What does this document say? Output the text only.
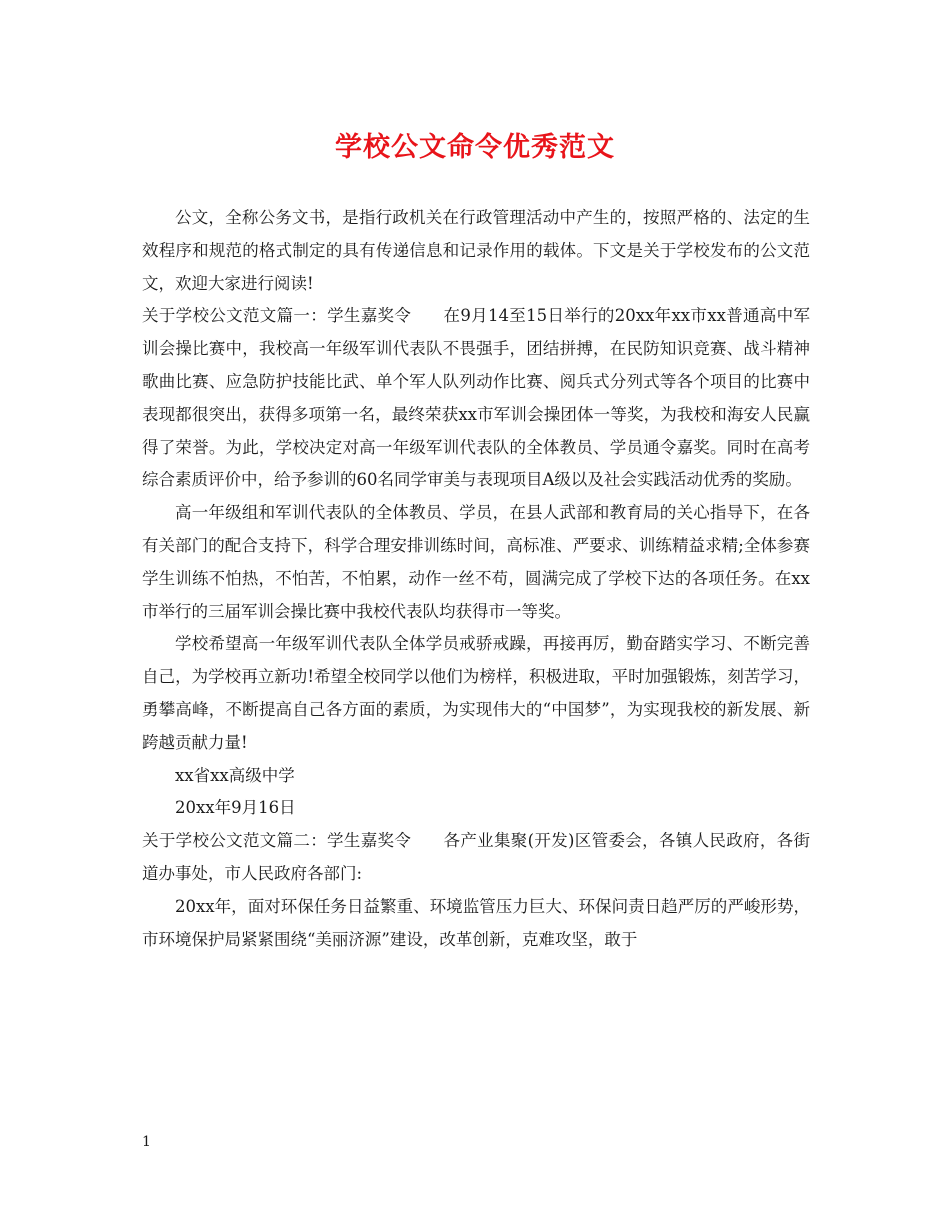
学校公文命令优秀范文

公文，全称公务文书，是指行政机关在行政管理活动中产生的，按照严格的、法定的生效程序和规范的格式制定的具有传递信息和记录作用的载体。下文是关于学校发布的公文范文，欢迎大家进行阅读!

关于学校公文范文篇一：学生嘉奖令 在9月14至15日举行的20xx年xx市xx普通高中军训会操比赛中，我校高一年级军训代表队不畏强手，团结拼搏，在民防知识竞赛、战斗精神歌曲比赛、应急防护技能比武、单个军人队列动作比赛、阅兵式分列式等各个项目的比赛中表现都很突出，获得多项第一名，最终荣获xx市军训会操团体一等奖，为我校和海安人民赢得了荣誉。为此，学校决定对高一年级军训代表队的全体教员、学员通令嘉奖。同时在高考综合素质评价中，给予参训的60名同学审美与表现项目A级以及社会实践活动优秀的奖励。

高一年级组和军训代表队的全体教员、学员，在县人武部和教育局的关心指导下，在各有关部门的配合支持下，科学合理安排训练时间，高标准、严要求、训练精益求精;全体参赛学生训练不怕热，不怕苦，不怕累，动作一丝不苟，圆满完成了学校下达的各项任务。在xx市举行的三届军训会操比赛中我校代表队均获得市一等奖。

学校希望高一年级军训代表队全体学员戒骄戒躁，再接再厉，勤奋踏实学习、不断完善自己，为学校再立新功!希望全校同学以他们为榜样，积极进取，平时加强锻炼，刻苦学习，勇攀高峰，不断提高自己各方面的素质，为实现伟大的“中国梦”，为实现我校的新发展、新跨越贡献力量!

xx省xx高级中学

20xx年9月16日

关于学校公文范文篇二：学生嘉奖令 各产业集聚(开发)区管委会，各镇人民政府，各街道办事处，市人民政府各部门:

20xx年，面对环保任务日益繁重、环境监管压力巨大、环保问责日趋严厉的严峻形势，市环境保护局紧紧围绕“美丽济源”建设，改革创新，克难攻坚，敢于

1
